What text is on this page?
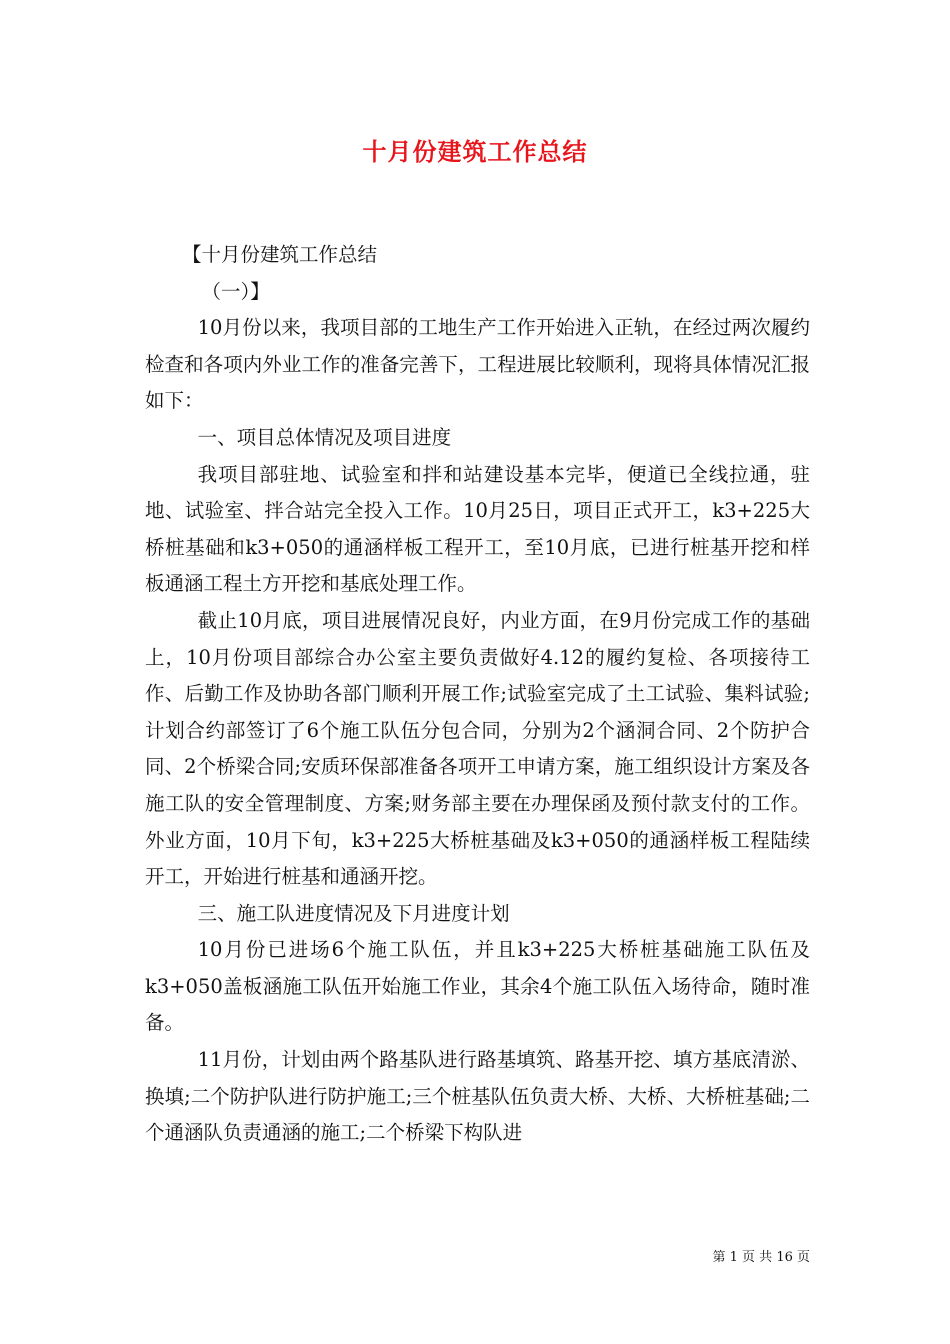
十月份建筑工作总结

【十月份建筑工作总结

（一）】

10月份以来，我项目部的工地生产工作开始进入正轨，在经过两次履约检查和各项内外业工作的准备完善下，工程进展比较顺利，现将具体情况汇报如下：

一、项目总体情况及项目进度

我项目部驻地、试验室和拌和站建设基本完毕，便道已全线拉通，驻地、试验室、拌合站完全投入工作。10月25日，项目正式开工，k3+225大桥桩基础和k3+050的通涵样板工程开工，至10月底，已进行桩基开挖和样板通涵工程土方开挖和基底处理工作。

截止10月底，项目进展情况良好，内业方面，在9月份完成工作的基础上，10月份项目部综合办公室主要负责做好4.12的履约复检、各项接待工作、后勤工作及协助各部门顺利开展工作;试验室完成了土工试验、集料试验;计划合约部签订了6个施工队伍分包合同，分别为2个涵洞合同、2个防护合同、2个桥梁合同;安质环保部准备各项开工申请方案，施工组织设计方案及各施工队的安全管理制度、方案;财务部主要在办理保函及预付款支付的工作。外业方面，10月下旬，k3+225大桥桩基础及k3+050的通涵样板工程陆续开工，开始进行桩基和通涵开挖。

三、施工队进度情况及下月进度计划

10月份已进场6个施工队伍，并且k3+225大桥桩基础施工队伍及k3+050盖板涵施工队伍开始施工作业，其余4个施工队伍入场待命，随时准备。

11月份，计划由两个路基队进行路基填筑、路基开挖、填方基底清淤、换填;二个防护队进行防护施工;三个桩基队伍负责大桥、大桥、大桥桩基础;二个通涵队负责通涵的施工;二个桥梁下构队进

第 1 页 共 16 页
